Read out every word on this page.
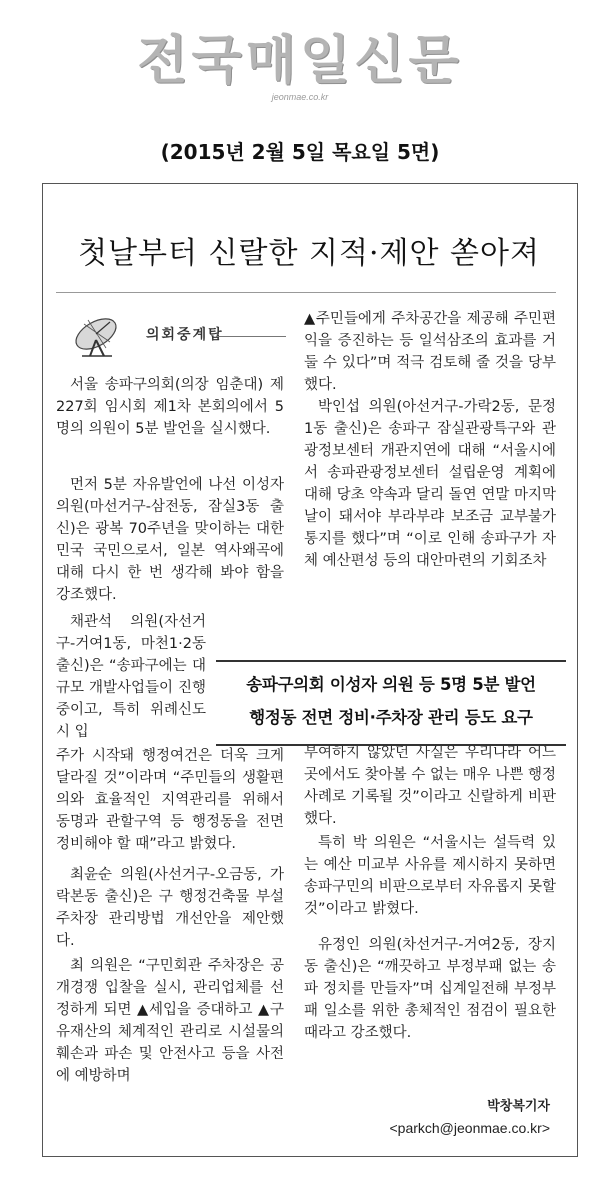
전국매일신문
jeonmae.co.kr
(2015년 2월 5일 목요일 5면)
첫날부터 신랄한 지적·제안 쏟아져
의회중계탑

서울 송파구의회(의장 임춘대) 제227회 임시회 제1차 본회의에서 5명의 의원이 5분 발언을 실시했다.

먼저 5분 자유발언에 나선 이성자 의원(마선거구-삼전동, 잠실3동 출신)은 광복 70주년을 맞이하는 대한민국 국민으로서, 일본 역사왜곡에 대해 다시 한 번 생각해 봐야 함을 강조했다.

채관석 의원(자선거구-거여1동, 마천1·2동 출신)은 “송파구에는 대규모 개발사업들이 진행중이고, 특히 위례신도시 입

주가 시작돼 행정여건은 더욱 크게 달라질 것”이라며 “주민들의 생활편의와 효율적인 지역관리를 위해서 동명과 관할구역 등 행정동을 전면 정비해야 할 때”라고 밝혔다.

최윤순 의원(사선거구-오금동, 가락본동 출신)은 구 행정건축물 부설 주차장 관리방법 개선안을 제안했다.

최 의원은 “구민회관 주차장은 공개경쟁 입찰을 실시, 관리업체를 선정하게 되면 ▲세입을 증대하고 ▲구유재산의 체계적인 관리로 시설물의 훼손과 파손 및 안전사고 등을 사전에 예방하며

▲주민들에게 주차공간을 제공해 주민편익을 증진하는 등 일석삼조의 효과를 거둘 수 있다”며 적극 검토해 줄 것을 당부했다.

박인섭 의원(아선거구-가락2동, 문정1동 출신)은 송파구 잠실관광특구와 관광정보센터 개관지연에 대해 “서울시에서 송파관광정보센터 설립운영 계획에 대해 당초 약속과 달리 돌연 연말 마지막 날이 돼서야 부라부랴 보조금 교부불가통지를 했다”며 “이로 인해 송파구가 자체 예산편성 등의 대안마련의 기회조차

부여하지 않았던 사실은 우리나라 어느 곳에서도 찾아볼 수 없는 매우 나쁜 행정사례로 기록될 것”이라고 신랄하게 비판했다.

특히 박 의원은 “서울시는 설득력 있는 예산 미교부 사유를 제시하지 못하면 송파구민의 비판으로부터 자유롭지 못할 것”이라고 밝혔다.

유정인 의원(차선거구-거여2동, 장지동 출신)은 “깨끗하고 부정부패 없는 송파 정치를 만들자”며 십계일전해 부정부패 일소를 위한 총체적인 점검이 필요한 때라고 강조했다.

송파구의회 이성자 의원 등 5명 5분 발언
행정동 전면 정비·주차장 관리 등도 요구
박창복기자
<parkch@jeonmae.co.kr>
